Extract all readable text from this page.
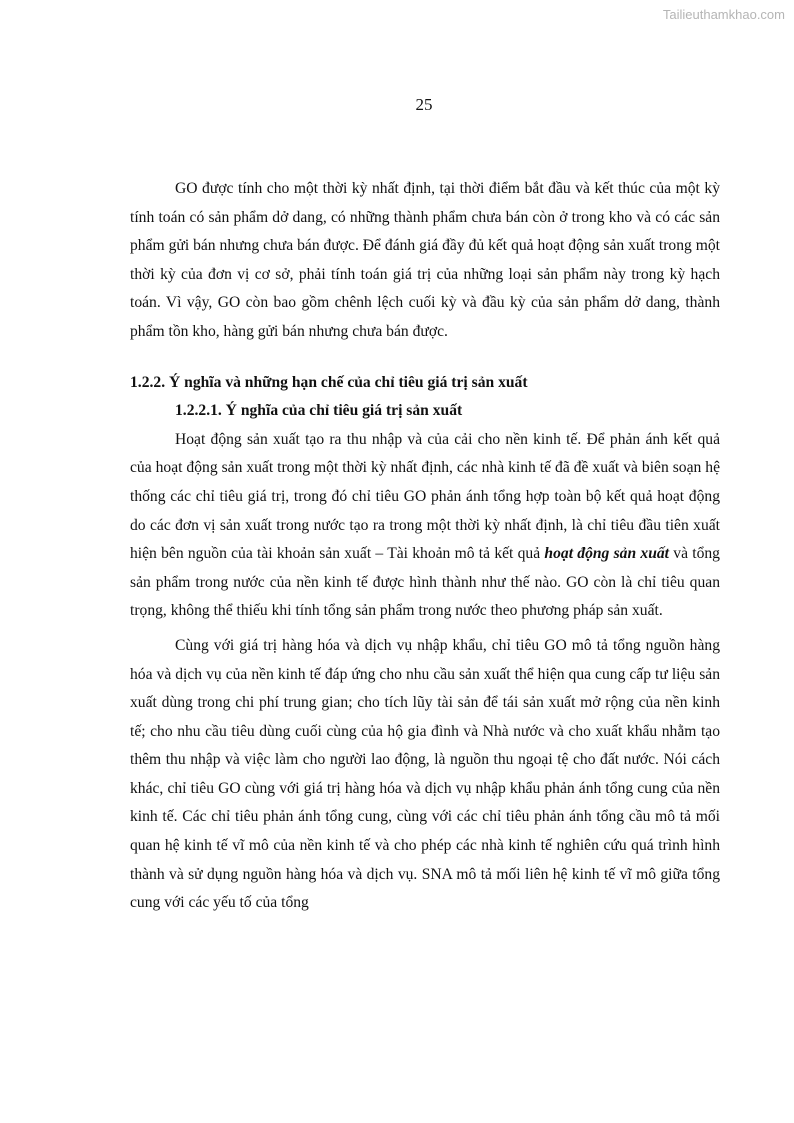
Tailieuthamkhao.com
25

GO được tính cho một thời kỳ nhất định, tại thời điểm bắt đầu và kết thúc của một kỳ tính toán có sản phẩm dở dang, có những thành phẩm chưa bán còn ở trong kho và có các sản phẩm gửi bán nhưng chưa bán được. Để đánh giá đầy đủ kết quả hoạt động sản xuất trong một thời kỳ của đơn vị cơ sở, phải tính toán giá trị của những loại sản phẩm này trong kỳ hạch toán. Vì vậy, GO còn bao gồm chênh lệch cuối kỳ và đầu kỳ của sản phẩm dở dang, thành phẩm tồn kho, hàng gửi bán nhưng chưa bán được.

1.2.2. Ý nghĩa và những hạn chế của chỉ tiêu giá trị sản xuất

1.2.2.1. Ý nghĩa của chỉ tiêu giá trị sản xuất

Hoạt động sản xuất tạo ra thu nhập và của cải cho nền kinh tế. Để phản ánh kết quả của hoạt động sản xuất trong một thời kỳ nhất định, các nhà kinh tế đã đề xuất và biên soạn hệ thống các chỉ tiêu giá trị, trong đó chỉ tiêu GO phản ánh tổng hợp toàn bộ kết quả hoạt động do các đơn vị sản xuất trong nước tạo ra trong một thời kỳ nhất định, là chỉ tiêu đầu tiên xuất hiện bên nguồn của tài khoản sản xuất – Tài khoản mô tả kết quả hoạt động sản xuất và tổng sản phẩm trong nước của nền kinh tế được hình thành như thế nào. GO còn là chỉ tiêu quan trọng, không thể thiếu khi tính tổng sản phẩm trong nước theo phương pháp sản xuất.

Cùng với giá trị hàng hóa và dịch vụ nhập khẩu, chỉ tiêu GO mô tả tổng nguồn hàng hóa và dịch vụ của nền kinh tế đáp ứng cho nhu cầu sản xuất thể hiện qua cung cấp tư liệu sản xuất dùng trong chi phí trung gian; cho tích lũy tài sản để tái sản xuất mở rộng của nền kinh tế; cho nhu cầu tiêu dùng cuối cùng của hộ gia đình và Nhà nước và cho xuất khẩu nhằm tạo thêm thu nhập và việc làm cho người lao động, là nguồn thu ngoại tệ cho đất nước. Nói cách khác, chỉ tiêu GO cùng với giá trị hàng hóa và dịch vụ nhập khẩu phản ánh tổng cung của nền kinh tế. Các chỉ tiêu phản ánh tổng cung, cùng với các chỉ tiêu phản ánh tổng cầu mô tả mối quan hệ kinh tế vĩ mô của nền kinh tế và cho phép các nhà kinh tế nghiên cứu quá trình hình thành và sử dụng nguồn hàng hóa và dịch vụ. SNA mô tả mối liên hệ kinh tế vĩ mô giữa tổng cung với các yếu tố của tổng
